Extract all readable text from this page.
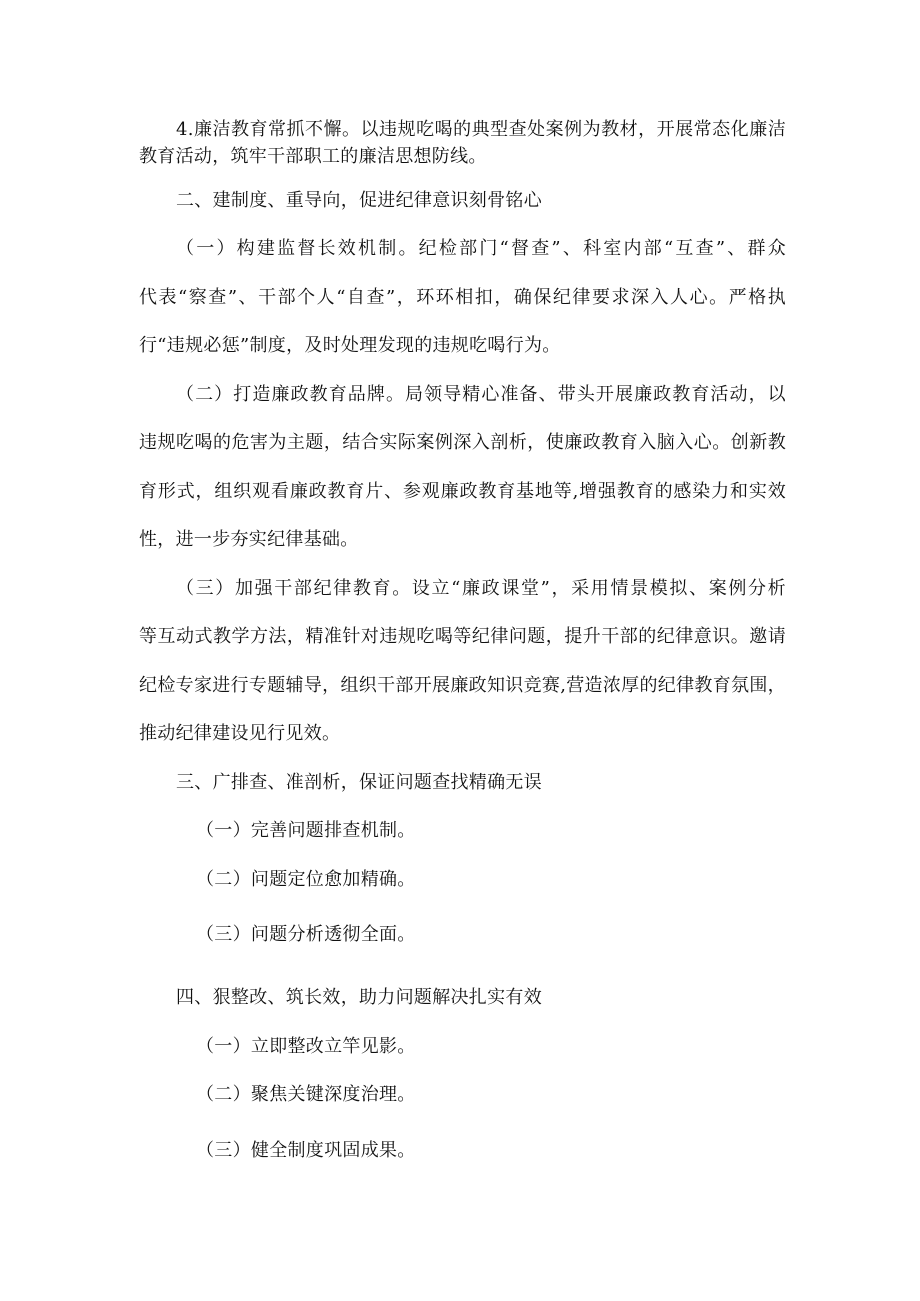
4.廉洁教育常抓不懈。以违规吃喝的典型查处案例为教材，开展常态化廉洁
教育活动，筑牢干部职工的廉洁思想防线。
二、建制度、重导向，促进纪律意识刻骨铭心
（一）构建监督长效机制。纪检部门“督查”、科室内部“互查”、群众
代表“察查”、干部个人“自查”，环环相扣，确保纪律要求深入人心。严格执
行“违规必惩”制度，及时处理发现的违规吃喝行为。
（二）打造廉政教育品牌。局领导精心准备、带头开展廉政教育活动，以
违规吃喝的危害为主题，结合实际案例深入剖析，使廉政教育入脑入心。创新教
育形式，组织观看廉政教育片、参观廉政教育基地等,增强教育的感染力和实效
性，进一步夯实纪律基础。
（三）加强干部纪律教育。设立“廉政课堂”，采用情景模拟、案例分析
等互动式教学方法，精准针对违规吃喝等纪律问题，提升干部的纪律意识。邀请
纪检专家进行专题辅导，组织干部开展廉政知识竞赛,营造浓厚的纪律教育氛围，
推动纪律建设见行见效。
三、广排查、准剖析，保证问题查找精确无误
（一）完善问题排查机制。
（二）问题定位愈加精确。
（三）问题分析透彻全面。
四、狠整改、筑长效，助力问题解决扎实有效
（一）立即整改立竿见影。
（二）聚焦关键深度治理。
（三）健全制度巩固成果。
